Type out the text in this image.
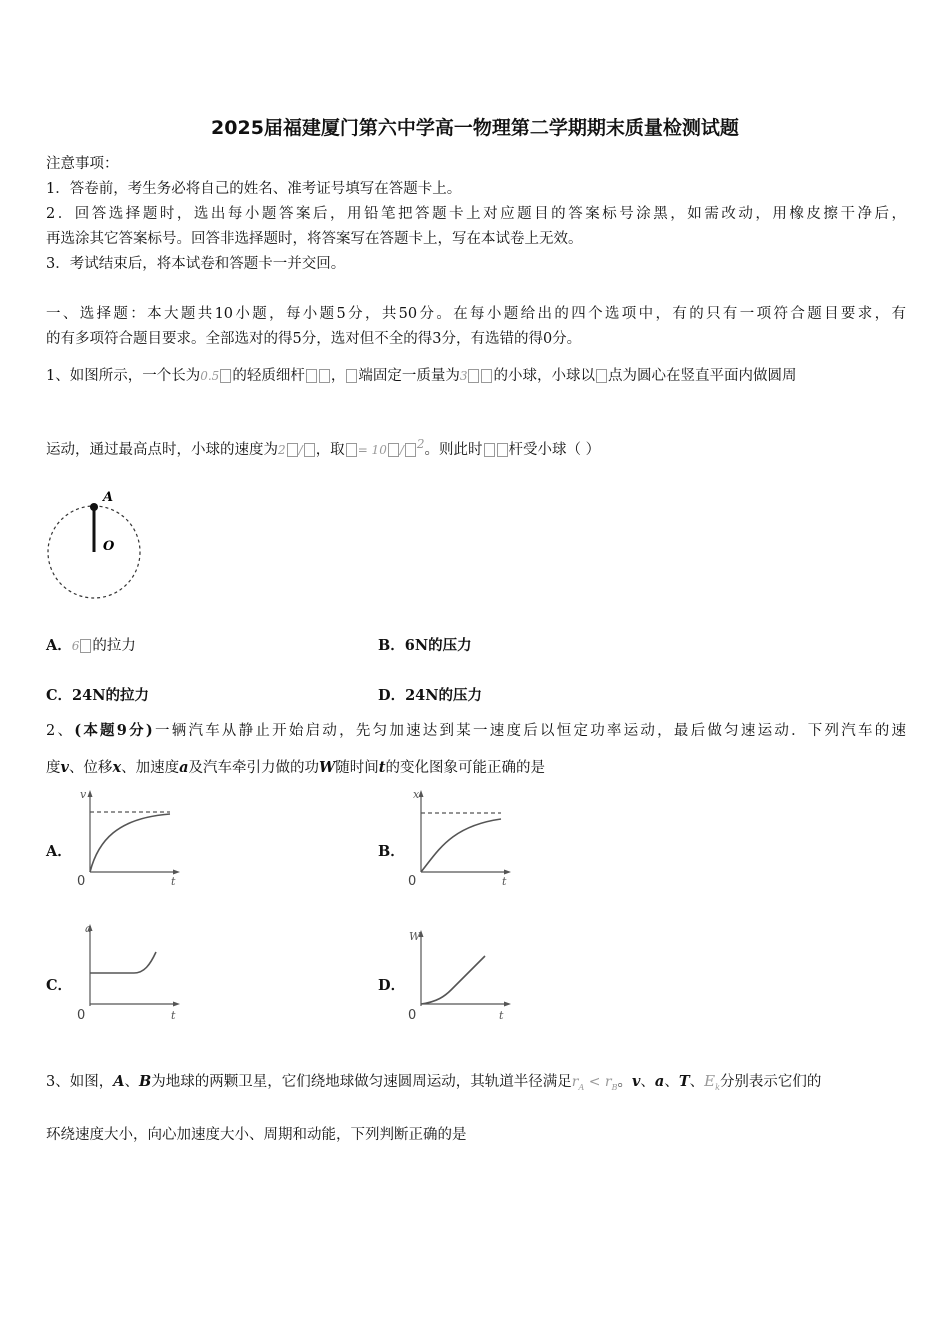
2025届福建厦门第六中学高一物理第二学期期末质量检测试题
注意事项：
1．答卷前，考生务必将自己的姓名、准考证号填写在答题卡上。
2．回答选择题时，选出每小题答案后，用铅笔把答题卡上对应题目的答案标号涂黑，如需改动，用橡皮擦干净后，
再选涂其它答案标号。回答非选择题时，将答案写在答题卡上，写在本试卷上无效。
3．考试结束后，将本试卷和答题卡一并交回。
一、选择题：本大题共10小题，每小题5分，共50分。在每小题给出的四个选项中，有的只有一项符合题目要求，有
的有多项符合题目要求。全部选对的得5分，选对但不全的得3分，有选错的得0分。
1、如图所示，一个长为0.5 的轻质细杆 ， 端固定一质量为3 的小球，小球以 点为圆心在竖直平面内做圆周
运动，通过最高点时，小球的速度为2 / ，取 = 10 / $^2$。则此时 杆受小球（ ）
A
O
A．6 的拉力	B．6N的压力
C．24N的拉力	D．24N的压力
2、(本题9分)一辆汽车从静止开始启动，先匀加速达到某一速度后以恒定功率运动，最后做匀速运动．下列汽车的速
度v、位移x、加速度a及汽车牵引力做的功W随时间t的变化图象可能正确的是
A．
v
0	t
B．
x
0	t
C．
a
0	t
D．
W
0	t
3、如图，A、B为地球的两颗卫星，它们绕地球做匀速圆周运动，其轨道半径满足$r_A < r_B$。v、a、T、$E_k$分别表示它们的
环绕速度大小，向心加速度大小、周期和动能，下列判断正确的是
